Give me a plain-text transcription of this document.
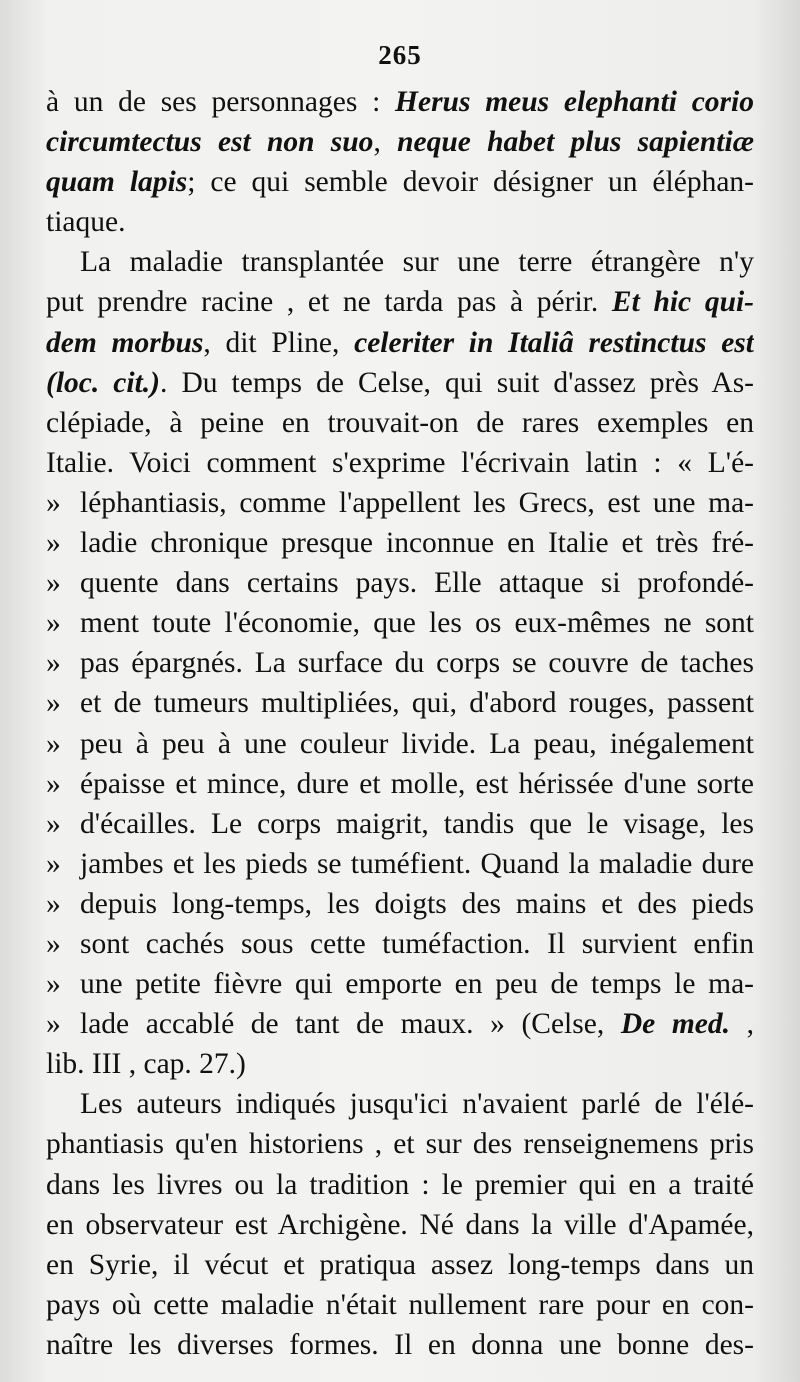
265
à un de ses personnages : Herus meus elephanti corio
circumtectus est non suo, neque habet plus sapientiæ
quam lapis; ce qui semble devoir désigner un éléphan-
tiaque.
La maladie transplantée sur une terre étrangère n'y
put prendre racine , et ne tarda pas à périr. Et hic qui-
dem morbus, dit Pline, celeriter in Italiâ restinctus est
(loc. cit.). Du temps de Celse, qui suit d'assez près As-
clépiade, à peine en trouvait-on de rares exemples en
Italie. Voici comment s'exprime l'écrivain latin : « L'é-
» léphantiasis, comme l'appellent les Grecs, est une ma-
» ladie chronique presque inconnue en Italie et très fré-
» quente dans certains pays. Elle attaque si profondé-
» ment toute l'économie, que les os eux-mêmes ne sont
» pas épargnés. La surface du corps se couvre de taches
» et de tumeurs multipliées, qui, d'abord rouges, passent
» peu à peu à une couleur livide. La peau, inégalement
» épaisse et mince, dure et molle, est hérissée d'une sorte
» d'écailles. Le corps maigrit, tandis que le visage, les
» jambes et les pieds se tuméfient. Quand la maladie dure
» depuis long-temps, les doigts des mains et des pieds
» sont cachés sous cette tuméfaction. Il survient enfin
» une petite fièvre qui emporte en peu de temps le ma-
» lade accablé de tant de maux. » (Celse, De med. ,
lib. III , cap. 27.)
Les auteurs indiqués jusqu'ici n'avaient parlé de l'élé-
phantiasis qu'en historiens , et sur des renseignemens pris
dans les livres ou la tradition : le premier qui en a traité
en observateur est Archigène. Né dans la ville d'Apamée,
en Syrie, il vécut et pratiqua assez long-temps dans un
pays où cette maladie n'était nullement rare pour en con-
naître les diverses formes. Il en donna une bonne des-
